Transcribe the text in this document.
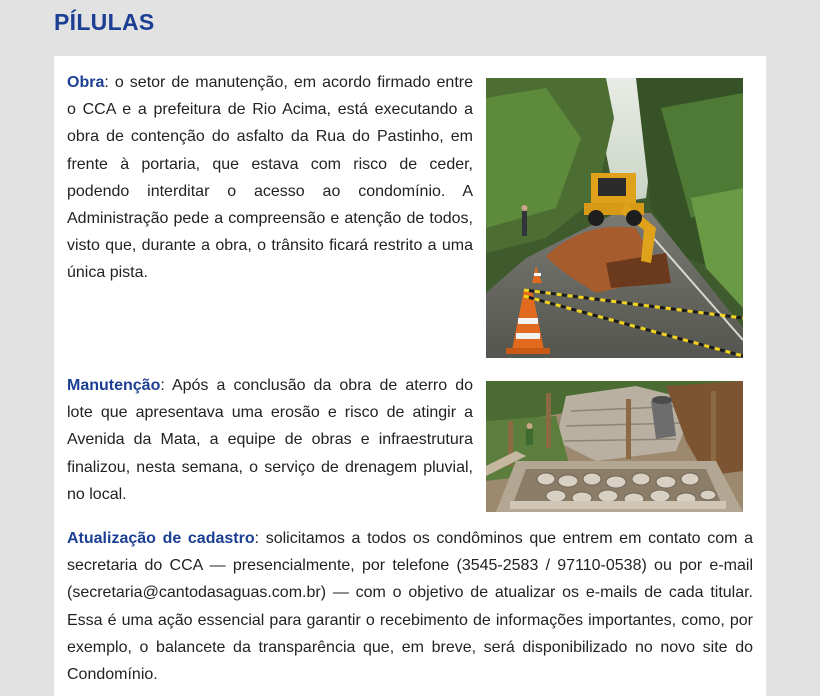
PÍLULAS

Obra: o setor de manutenção, em acordo firmado entre o CCA e a prefeitura de Rio Acima, está executando a obra de contenção do asfalto da Rua do Pastinho, em frente à portaria, que estava com risco de ceder, podendo interditar o acesso ao condomínio. A Administração pede a compreensão e atenção de todos, visto que, durante a obra, o trânsito ficará restrito a uma única pista.

Manutenção: Após a conclusão da obra de aterro do lote que apresentava uma erosão e risco de atingir a Avenida da Mata, a equipe de obras e infraestrutura finalizou, nesta semana, o serviço de drenagem pluvial, no local.

Atualização de cadastro: solicitamos a todos os condôminos que entrem em contato com a secretaria do CCA — presencialmente, por telefone (3545-2583 / 97110-0538) ou por e-mail (secretaria@cantodasaguas.com.br) — com o objetivo de atualizar os e-mails de cada titular. Essa é uma ação essencial para garantir o recebimento de informações importantes, como, por exemplo, o balancete da transparência que, em breve, será disponibilizado no novo site do Condomínio.
